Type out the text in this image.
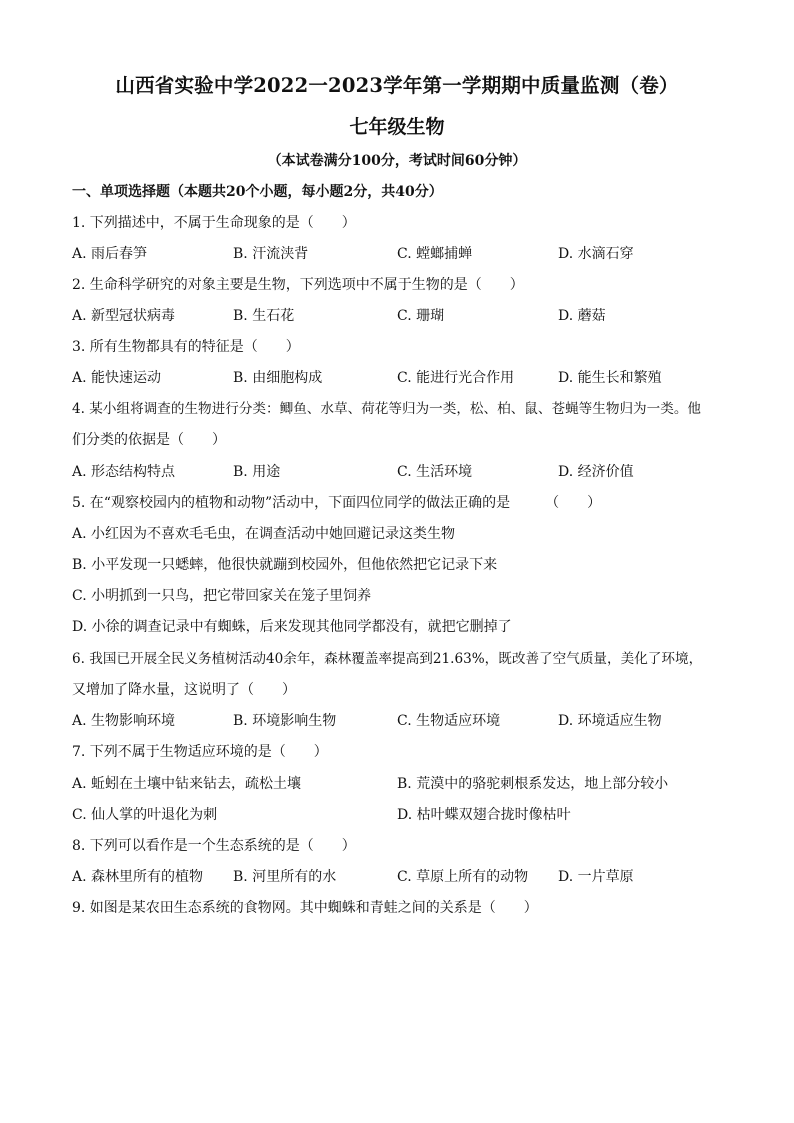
山西省实验中学2022一2023学年第一学期期中质量监测（卷）
七年级生物
（本试卷满分100分，考试时间60分钟）
一、单项选择题（本题共20个小题，每小题2分，共40分）
1. 下列描述中，不属于生命现象的是（　　）
A. 雨后春笋	B. 汗流浃背	C. 螳螂捕蝉	D. 水滴石穿
2. 生命科学研究的对象主要是生物，下列选项中不属于生物的是（　　）
A. 新型冠状病毒	B. 生石花	C. 珊瑚	D. 蘑菇
3. 所有生物都具有的特征是（　　）
A. 能快速运动	B. 由细胞构成	C. 能进行光合作用	D. 能生长和繁殖
4. 某小组将调查的生物进行分类：鲫鱼、水草、荷花等归为一类，松、柏、鼠、苍蝇等生物归为一类。他
们分类的依据是（　　）
A. 形态结构特点	B. 用途	C. 生活环境	D. 经济价值
5. 在“观察校园内的植物和动物”活动中，下面四位同学的做法正确的是　　　（　　）
A. 小红因为不喜欢毛毛虫，在调查活动中她回避记录这类生物
B. 小平发现一只蟋蟀，他很快就蹦到校园外，但他依然把它记录下来
C. 小明抓到一只鸟，把它带回家关在笼子里饲养
D. 小徐的调查记录中有蜘蛛，后来发现其他同学都没有，就把它删掉了
6. 我国已开展全民义务植树活动40余年，森林覆盖率提高到21.63%，既改善了空气质量，美化了环境，
又增加了降水量，这说明了（　　）
A. 生物影响环境	B. 环境影响生物	C. 生物适应环境	D. 环境适应生物
7. 下列不属于生物适应环境的是（　　）
A. 蚯蚓在土壤中钻来钻去，疏松土壤	B. 荒漠中的骆驼刺根系发达，地上部分较小
C. 仙人掌的叶退化为刺	D. 枯叶蝶双翅合拢时像枯叶
8. 下列可以看作是一个生态系统的是（　　）
A. 森林里所有的植物 B. 河里所有的水	C. 草原上所有的动物 D. 一片草原
9. 如图是某农田生态系统的食物网。其中蜘蛛和青蛙之间的关系是（　　）
